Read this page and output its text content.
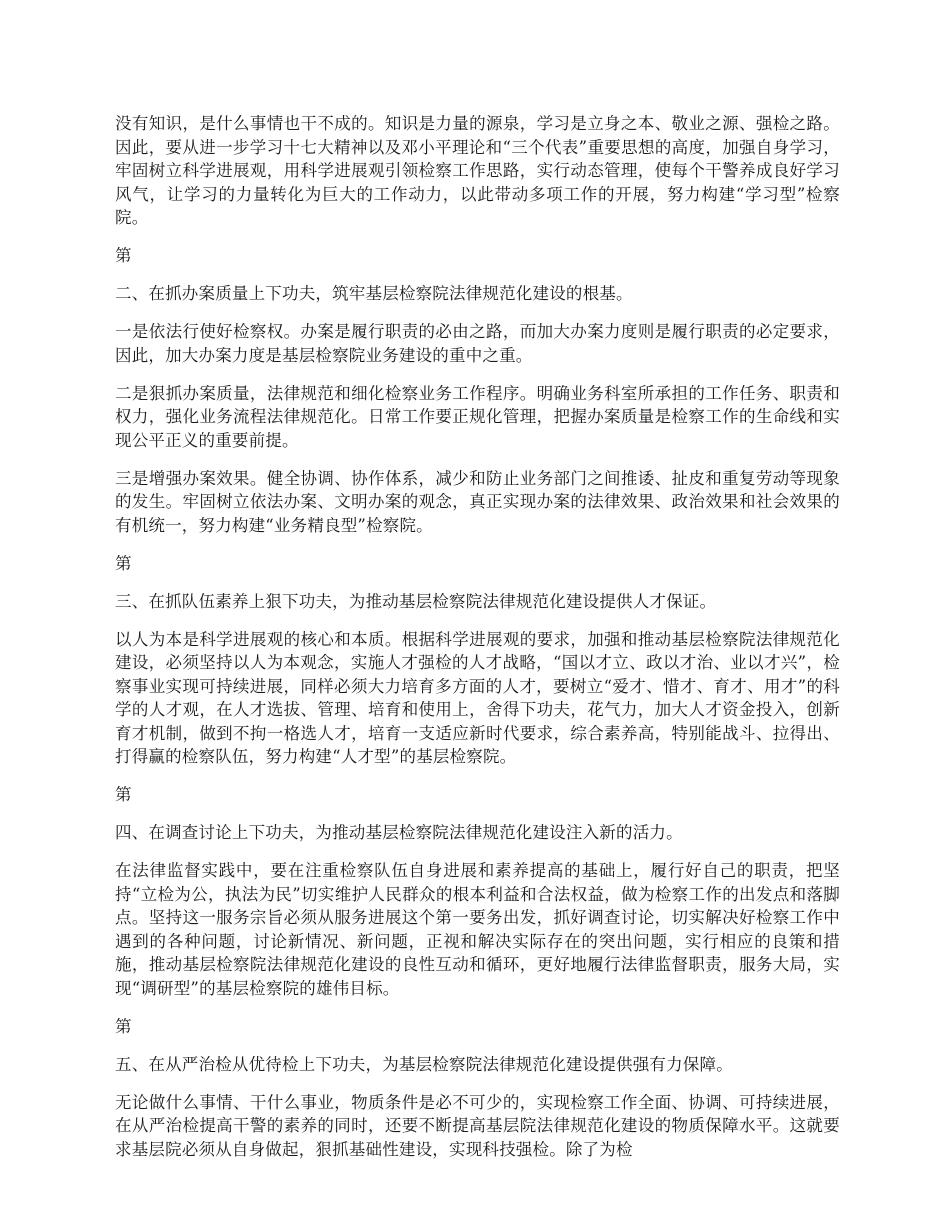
没有知识，是什么事情也干不成的。知识是力量的源泉，学习是立身之本、敬业之源、强检之路。因此，要从进一步学习十七大精神以及邓小平理论和“三个代表”重要思想的高度，加强自身学习，牢固树立科学进展观，用科学进展观引领检察工作思路，实行动态管理，使每个干警养成良好学习风气，让学习的力量转化为巨大的工作动力，以此带动多项工作的开展，努力构建“学习型”检察院。

第

二、在抓办案质量上下功夫，筑牢基层检察院法律规范化建设的根基。

一是依法行使好检察权。办案是履行职责的必由之路，而加大办案力度则是履行职责的必定要求，因此，加大办案力度是基层检察院业务建设的重中之重。

二是狠抓办案质量，法律规范和细化检察业务工作程序。明确业务科室所承担的工作任务、职责和权力，强化业务流程法律规范化。日常工作要正规化管理，把握办案质量是检察工作的生命线和实现公平正义的重要前提。

三是增强办案效果。健全协调、协作体系，减少和防止业务部门之间推诿、扯皮和重复劳动等现象的发生。牢固树立依法办案、文明办案的观念，真正实现办案的法律效果、政治效果和社会效果的有机统一，努力构建“业务精良型”检察院。

第

三、在抓队伍素养上狠下功夫，为推动基层检察院法律规范化建设提供人才保证。

以人为本是科学进展观的核心和本质。根据科学进展观的要求，加强和推动基层检察院法律规范化建设，必须坚持以人为本观念，实施人才强检的人才战略，“国以才立、政以才治、业以才兴”，检察事业实现可持续进展，同样必须大力培育多方面的人才，要树立“爱才、惜才、育才、用才”的科学的人才观，在人才选拔、管理、培育和使用上，舍得下功夫，花气力，加大人才资金投入，创新育才机制，做到不拘一格选人才，培育一支适应新时代要求，综合素养高，特别能战斗、拉得出、打得赢的检察队伍，努力构建“人才型”的基层检察院。

第

四、在调查讨论上下功夫，为推动基层检察院法律规范化建设注入新的活力。

在法律监督实践中，要在注重检察队伍自身进展和素养提高的基础上，履行好自己的职责，把坚持“立检为公，执法为民”切实维护人民群众的根本利益和合法权益，做为检察工作的出发点和落脚点。坚持这一服务宗旨必须从服务进展这个第一要务出发，抓好调查讨论，切实解决好检察工作中遇到的各种问题，讨论新情况、新问题，正视和解决实际存在的突出问题，实行相应的良策和措施，推动基层检察院法律规范化建设的良性互动和循环，更好地履行法律监督职责，服务大局，实现“调研型”的基层检察院的雄伟目标。

第

五、在从严治检从优待检上下功夫，为基层检察院法律规范化建设提供强有力保障。

无论做什么事情、干什么事业，物质条件是必不可少的，实现检察工作全面、协调、可持续进展，在从严治检提高干警的素养的同时，还要不断提高基层院法律规范化建设的物质保障水平。这就要求基层院必须从自身做起，狠抓基础性建设，实现科技强检。除了为检
